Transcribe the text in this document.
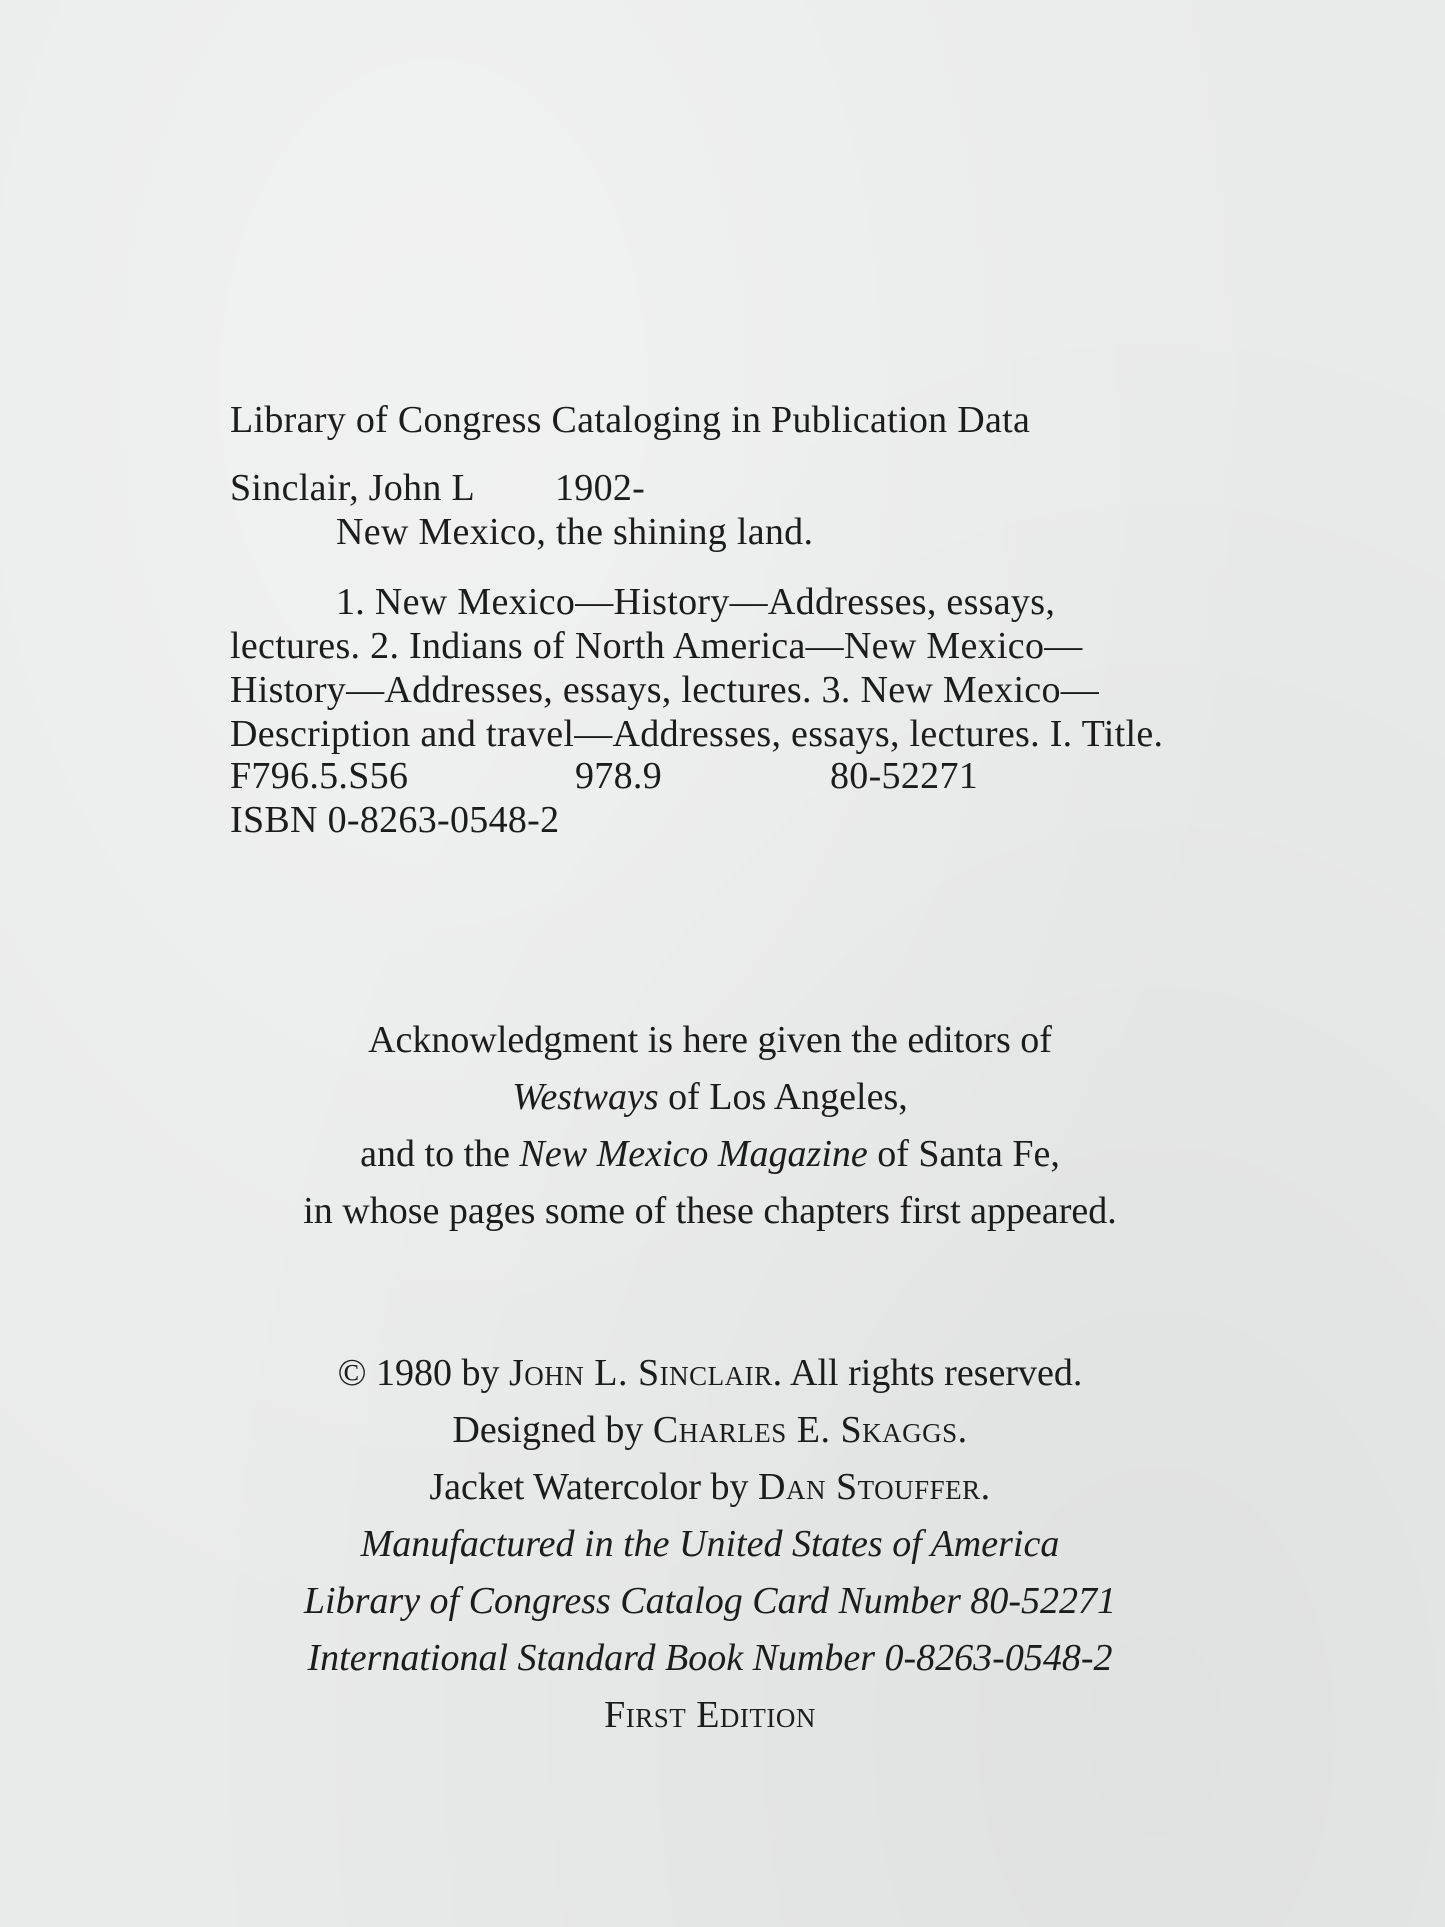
Library of Congress Cataloging in Publication Data
Sinclair, John L 1902-
New Mexico, the shining land.

1. New Mexico—History—Addresses, essays, lectures. 2. Indians of North America—New Mexico—History—Addresses, essays, lectures. 3. New Mexico—Description and travel—Addresses, essays, lectures. I. Title.

F796.5.S56	978.9	80-52271
ISBN 0-8263-0548-2

Acknowledgment is here given the editors of

Westways of Los Angeles,

and to the New Mexico Magazine of Santa Fe,

in whose pages some of these chapters first appeared.

© 1980 by John L. Sinclair. All rights reserved.

Designed by Charles E. Skaggs.

Jacket Watercolor by Dan Stouffer.

Manufactured in the United States of America

Library of Congress Catalog Card Number 80-52271

International Standard Book Number 0-8263-0548-2

First Edition
